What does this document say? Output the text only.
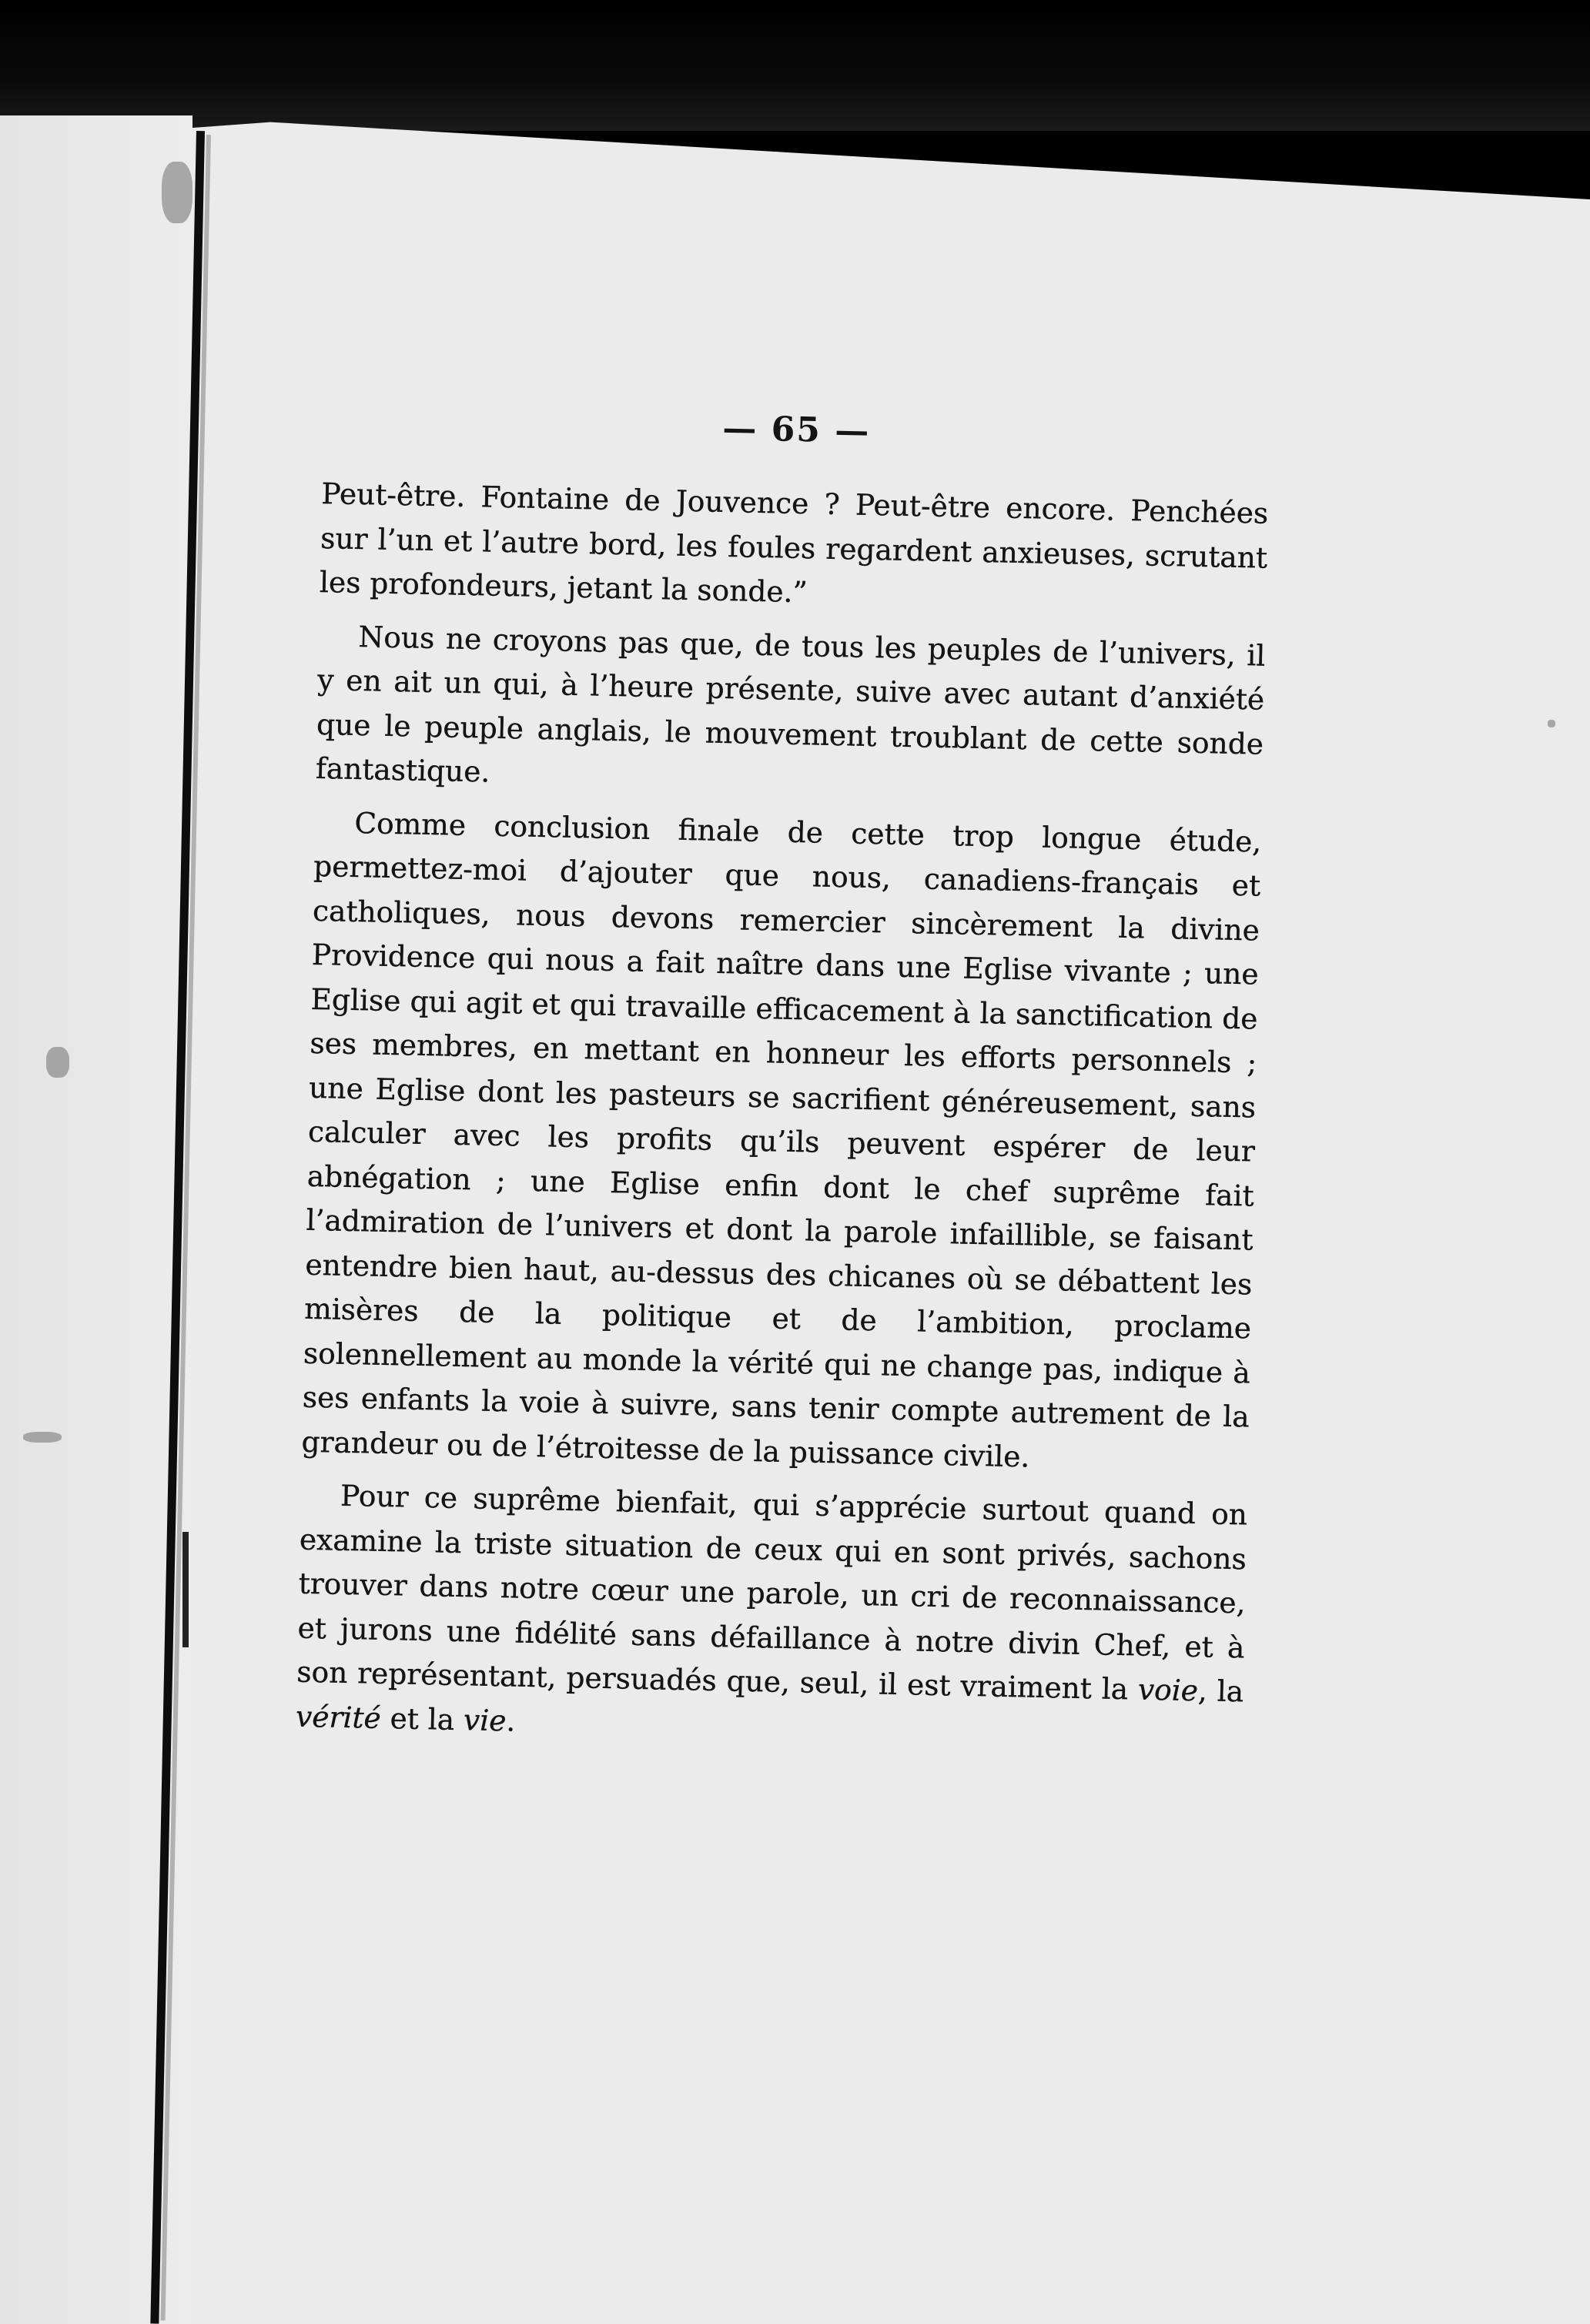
— 65 —

Peut-être. Fontaine de Jouvence ? Peut-être encore. Penchées sur l’un et l’autre bord, les foules regardent anxieuses, scrutant les profondeurs, jetant la sonde.”

Nous ne croyons pas que, de tous les peuples de l’univers, il y en ait un qui, à l’heure présente, suive avec autant d’anxiété que le peuple anglais, le mouvement troublant de cette sonde fantastique.

Comme conclusion finale de cette trop longue étude, permettez-moi d’ajouter que nous, canadiens-français et catholiques, nous devons remercier sincèrement la divine Providence qui nous a fait naître dans une Eglise vivante ; une Eglise qui agit et qui travaille efficacement à la sanctification de ses membres, en mettant en honneur les efforts personnels ; une Eglise dont les pasteurs se sacrifient généreusement, sans calculer avec les profits qu’ils peuvent espérer de leur abnégation ; une Eglise enfin dont le chef suprême fait l’admiration de l’univers et dont la parole infaillible, se faisant entendre bien haut, au-dessus des chicanes où se débattent les misères de la politique et de l’ambition, proclame solennellement au monde la vérité qui ne change pas, indique à ses enfants la voie à suivre, sans tenir compte autrement de la grandeur ou de l’étroitesse de la puissance civile.

Pour ce suprême bienfait, qui s’apprécie surtout quand on examine la triste situation de ceux qui en sont privés, sachons trouver dans notre cœur une parole, un cri de reconnaissance, et jurons une fidélité sans défaillance à notre divin Chef, et à son représentant, persuadés que, seul, il est vraiment la voie, la vérité et la vie.
